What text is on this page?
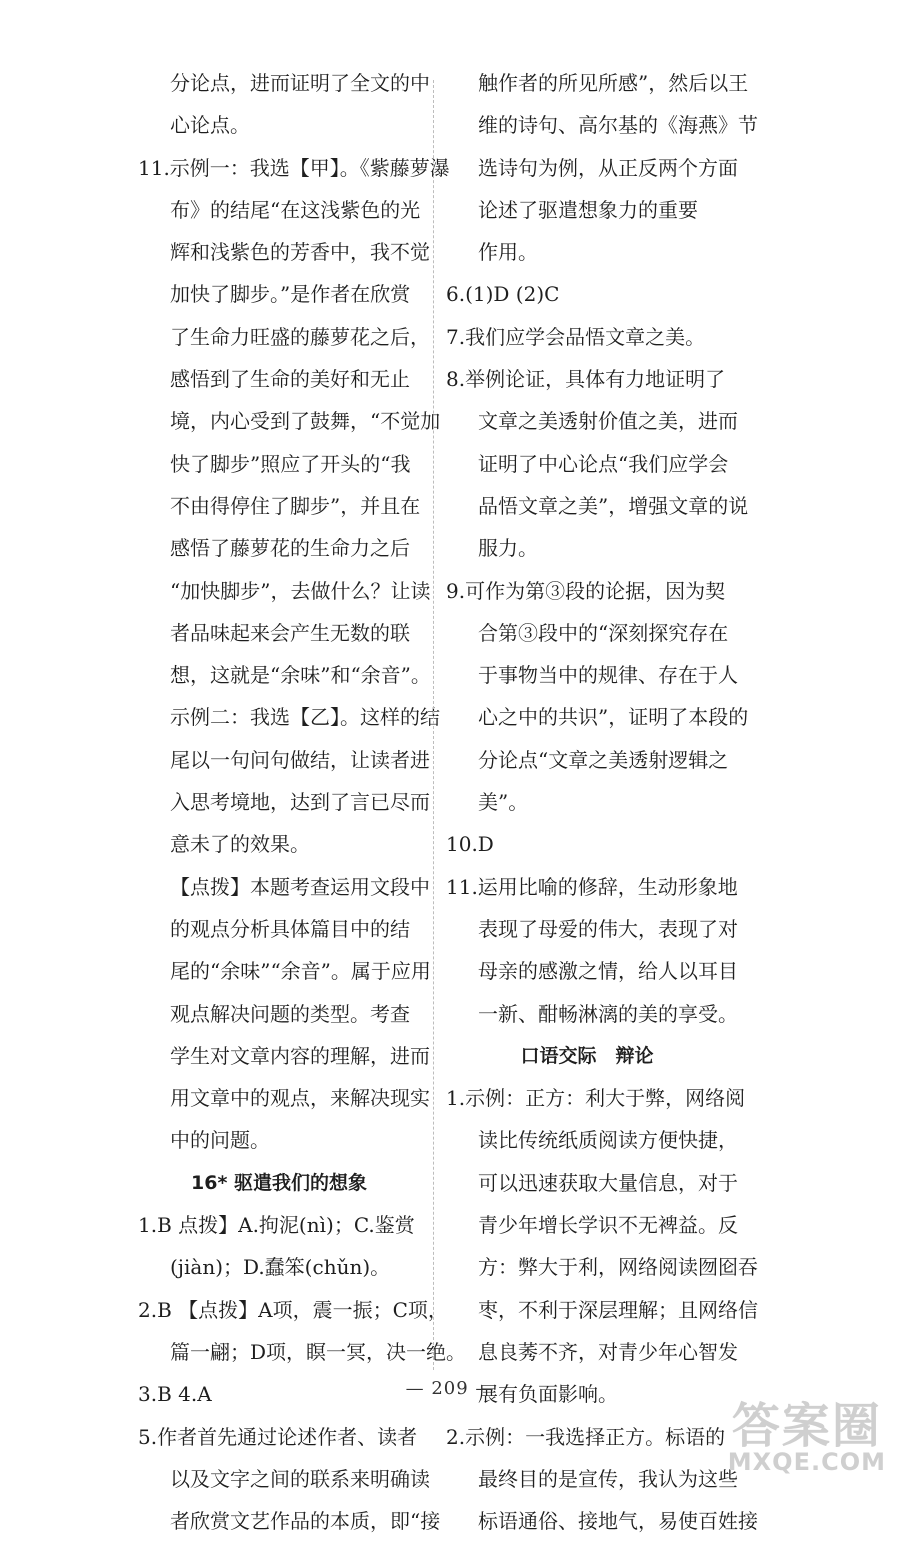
分论点，进而证明了全文的中
心论点。
11.示例一：我选【甲】。《紫藤萝瀑
布》的结尾“在这浅紫色的光
辉和浅紫色的芳香中，我不觉
加快了脚步。”是作者在欣赏
了生命力旺盛的藤萝花之后，
感悟到了生命的美好和无止
境，内心受到了鼓舞，“不觉加
快了脚步”照应了开头的“我
不由得停住了脚步”，并且在
感悟了藤萝花的生命力之后
“加快脚步”，去做什么？让读
者品味起来会产生无数的联
想，这就是“余味”和“余音”。
示例二：我选【乙】。这样的结
尾以一句问句做结，让读者进
入思考境地，达到了言已尽而
意未了的效果。
【点拨】本题考查运用文段中
的观点分析具体篇目中的结
尾的“余味”“余音”。属于应用
观点解决问题的类型。考查
学生对文章内容的理解，进而
用文章中的观点，来解决现实
中的问题。
16* 驱遣我们的想象
1.B 点拨】A.拘泥(nì)；C.鉴赏
(jiàn)；D.蠢笨(chǔn)。
2.B 【点拨】A项，震一振；C项，
篇一翩；D项，瞑一冥，决一绝。
3.B 4.A
5.作者首先通过论述作者、读者
以及文字之间的联系来明确读
者欣赏文艺作品的本质，即“接
触作者的所见所感”，然后以王
维的诗句、高尔基的《海燕》节
选诗句为例，从正反两个方面
论述了驱遣想象力的重要
作用。
6.(1)D (2)C
7.我们应学会品悟文章之美。
8.举例论证，具体有力地证明了
文章之美透射价值之美，进而
证明了中心论点“我们应学会
品悟文章之美”，增强文章的说
服力。
9.可作为第③段的论据，因为契
合第③段中的“深刻探究存在
于事物当中的规律、存在于人
心之中的共识”，证明了本段的
分论点“文章之美透射逻辑之
美”。
10.D
11.运用比喻的修辞，生动形象地
表现了母爱的伟大，表现了对
母亲的感激之情，给人以耳目
一新、酣畅淋漓的美的享受。
口语交际　辩论
1.示例：正方：利大于弊，网络阅
读比传统纸质阅读方便快捷，
可以迅速获取大量信息，对于
青少年增长学识不无裨益。反
方：弊大于利，网络阅读囫囵吞
枣，不利于深层理解；且网络信
息良莠不齐，对青少年心智发
展有负面影响。
2.示例：一我选择正方。标语的
最终目的是宣传，我认为这些
标语通俗、接地气，易使百姓接
— 209 —
答案圈
MXQE.COM
